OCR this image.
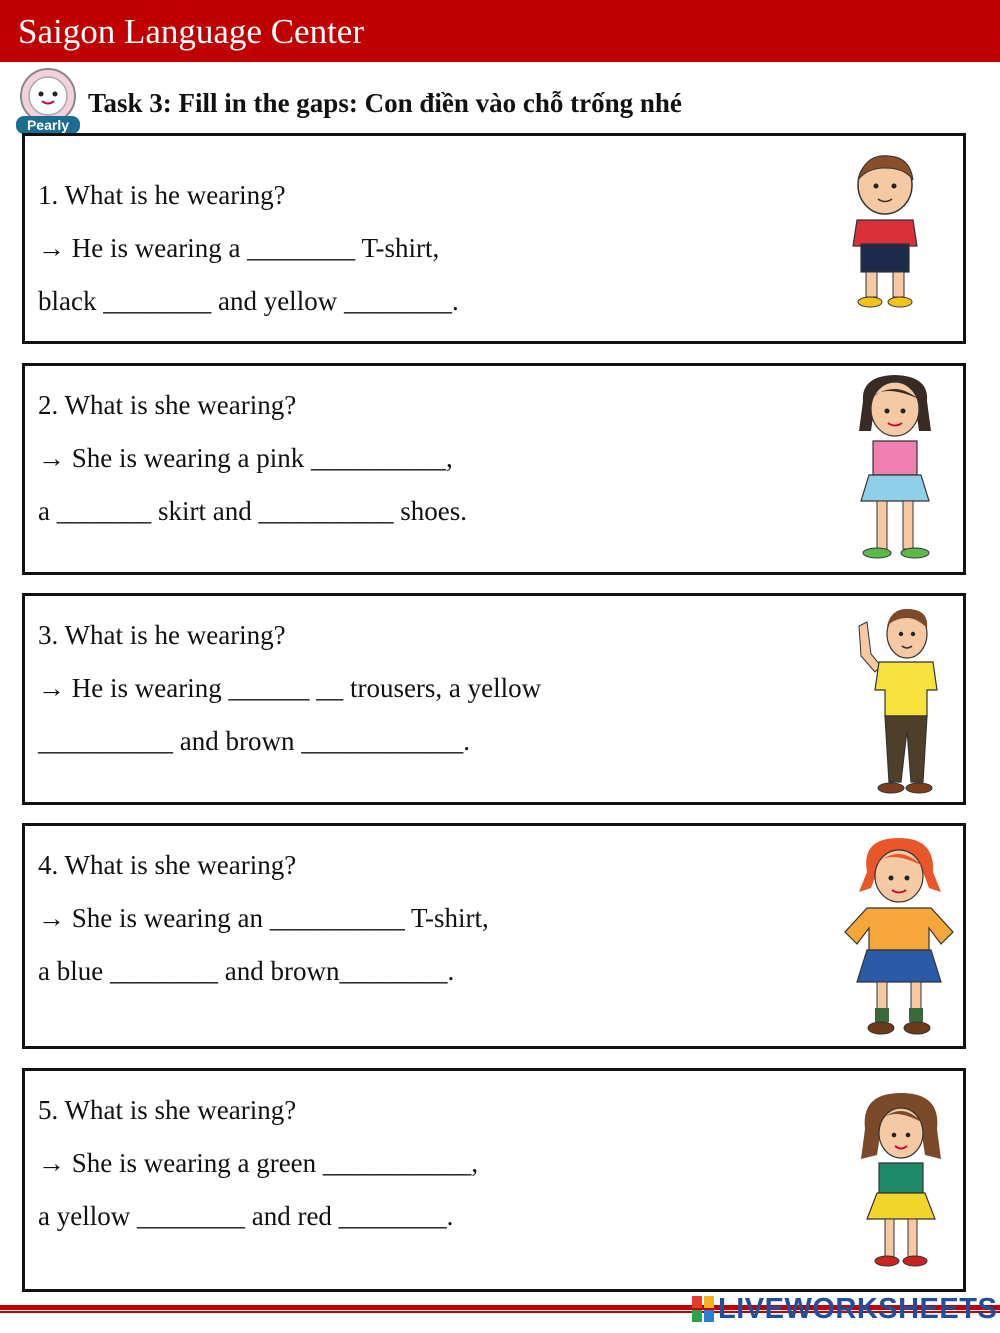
Saigon Language Center
Pearly
Task 3: Fill in the gaps: Con điền vào chỗ trống nhé
1. What is he wearing?
→ He is wearing a ________ T-shirt,
black ________ and yellow ________.
2. What is she wearing?
→ She is wearing a pink __________,
a _______ skirt and __________ shoes.
3. What is he wearing?
→ He is wearing ______ __ trousers, a yellow
__________ and brown ____________.
4. What is she wearing?
→ She is wearing an __________ T-shirt,
a blue ________ and brown________.
5. What is she wearing?
→ She is wearing a green ___________,
a yellow ________ and red ________.
LIVEWORKSHEETS
